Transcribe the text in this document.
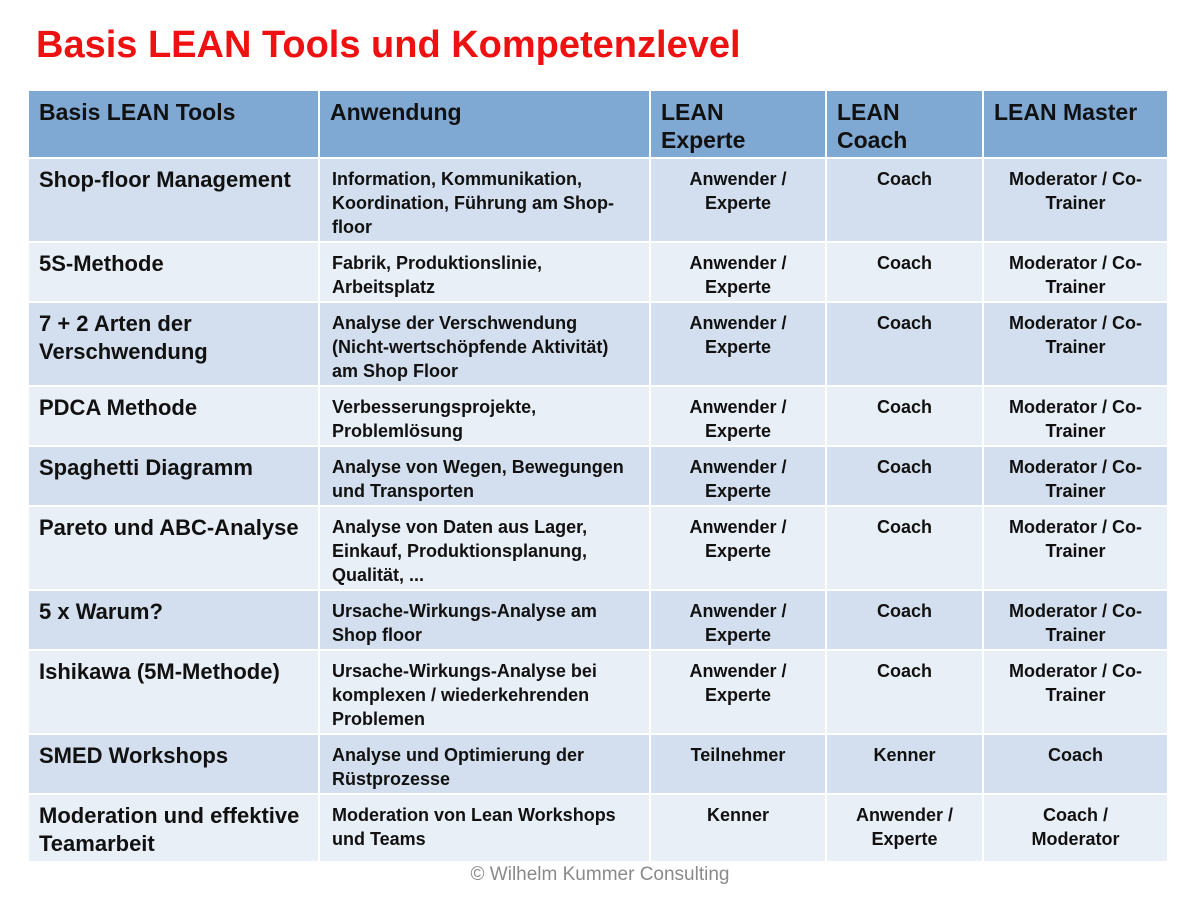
Basis LEAN Tools und Kompetenzlevel
Basis LEAN Tools	Anwendung	LEAN Experte	LEAN Coach	LEAN Master
Shop-floor Management	Information, Kommunikation, Koordination, Führung am Shop-floor	Anwender / Experte	Coach	Moderator / Co-Trainer
5S-Methode	Fabrik, Produktionslinie, Arbeitsplatz	Anwender / Experte	Coach	Moderator / Co-Trainer
7 + 2 Arten der Verschwendung	Analyse der Verschwendung (Nicht-wertschöpfende Aktivität) am Shop Floor	Anwender / Experte	Coach	Moderator / Co-Trainer
PDCA Methode	Verbesserungsprojekte, Problemlösung	Anwender / Experte	Coach	Moderator / Co-Trainer
Spaghetti Diagramm	Analyse von Wegen, Bewegungen und Transporten	Anwender / Experte	Coach	Moderator / Co-Trainer
Pareto und ABC-Analyse	Analyse von Daten aus Lager, Einkauf, Produktionsplanung, Qualität, ...	Anwender / Experte	Coach	Moderator / Co-Trainer
5 x Warum?	Ursache-Wirkungs-Analyse am Shop floor	Anwender / Experte	Coach	Moderator / Co-Trainer
Ishikawa (5M-Methode)	Ursache-Wirkungs-Analyse bei komplexen / wiederkehrenden Problemen	Anwender / Experte	Coach	Moderator / Co-Trainer
SMED Workshops	Analyse und Optimierung der Rüstprozesse	Teilnehmer	Kenner	Coach
Moderation und effektive Teamarbeit	Moderation von Lean Workshops und Teams	Kenner	Anwender / Experte	Coach / Moderator
© Wilhelm Kummer Consulting
